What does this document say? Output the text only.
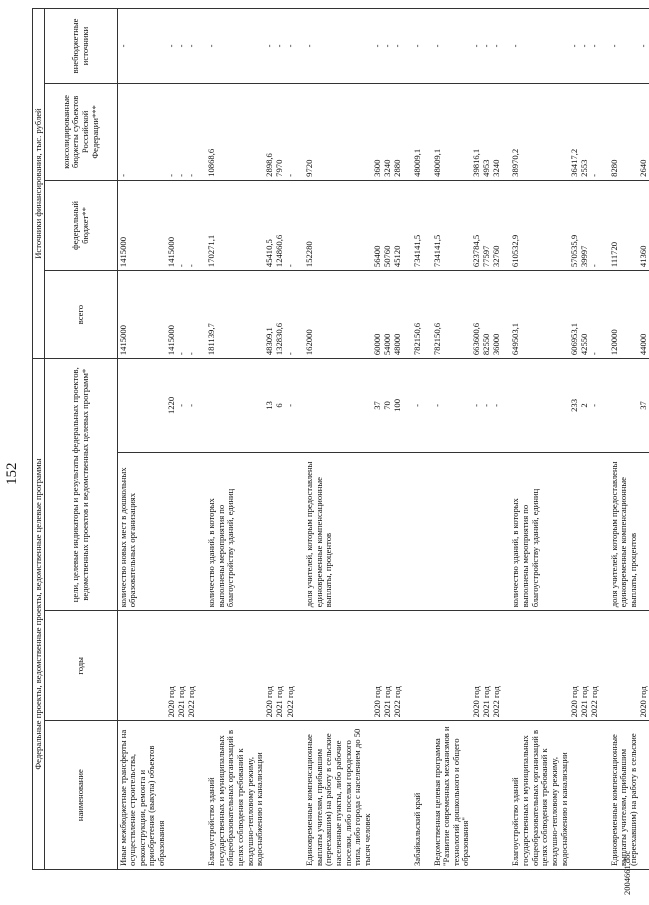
152 Федеральные проекты, ведомственные проекты, ведомственные целевые программы				Источники финансирования, тыс. рублей			
наименование	годы	цели, целевые индикаторы и результаты федеральных проектов, ведомственных проектов и ведомственных целевых программ*		всего	федеральный бюджет**	консолидированные бюджеты субъектов Российской Федерации***	внебюджетные источники

Иные межбюджетные трансферты на осуществление строительства, реконструкции, ремонта и приобретения (выкупа) объектов образования		количество новых мест в дошкольных образовательных организациях		1415000	1415000	-	-
	2020 год		1220	1415000	1415000	-	-
	2021 год		-	-	-	-	-
	2022 год		-	-	-	-	-
Благоустройство зданий государственных и муниципальных общеобразовательных организаций в целях соблюдения требований к воздушно-тепловому режиму, водоснабжению и канализации		количество зданий, в которых выполнены мероприятия по благоустройству зданий, единиц		181139,7	170271,1	10868,6	-
	2020 год		13	48309,1	45410,5	2898,6	-
	2021 год		6	132830,6	124860,6	7970	-
	2022 год		-	-	-	-	-
Единовременные компенсационные выплаты учителям, прибывшим (переехавшим) на работу в сельские населенные пункты, либо рабочие поселки, либо поселки городского типа, либо города с населением до 50 тысяч человек		доля учителей, которым предоставлены единовременные компенсационные выплаты, процентов		162000	152280	9720	-
	2020 год		37	60000	56400	3600	-
	2021 год		70	54000	50760	3240	-
	2022 год		100	48000	45120	2880	-
Забайкальский край			-	782150,6	734141,5	48009,1	-
Ведомственная целевая программа "Развитие современных механизмов и технологий дошкольного и общего образования"			-	782150,6	734141,5	48009,1	-
	2020 год		-	663600,6	623784,5	39816,1	-
	2021 год		-	82550	77597	4953	-
	2022 год		-	36000	32760	3240	-
Благоустройство зданий государственных и муниципальных общеобразовательных организаций в целях соблюдения требований к воздушно-тепловому режиму, водоснабжению и канализации		количество зданий, в которых выполнены мероприятия по благоустройству зданий, единиц		649503,1	610532,9	38970,2	-
	2020 год		233	606953,1	570535,9	36417,2	-
	2021 год		2	42550	39997	2553	-
	2022 год		-	-	-	-	-
Единовременные компенсационные выплаты учителям, прибывшим (переехавшим) на работу в сельские		доля учителей, которым предоставлены единовременные компенсационные выплаты, процентов		120000	111720	8280	-
	2020 год		37	44000	41360	2640	-
2004661.doc
